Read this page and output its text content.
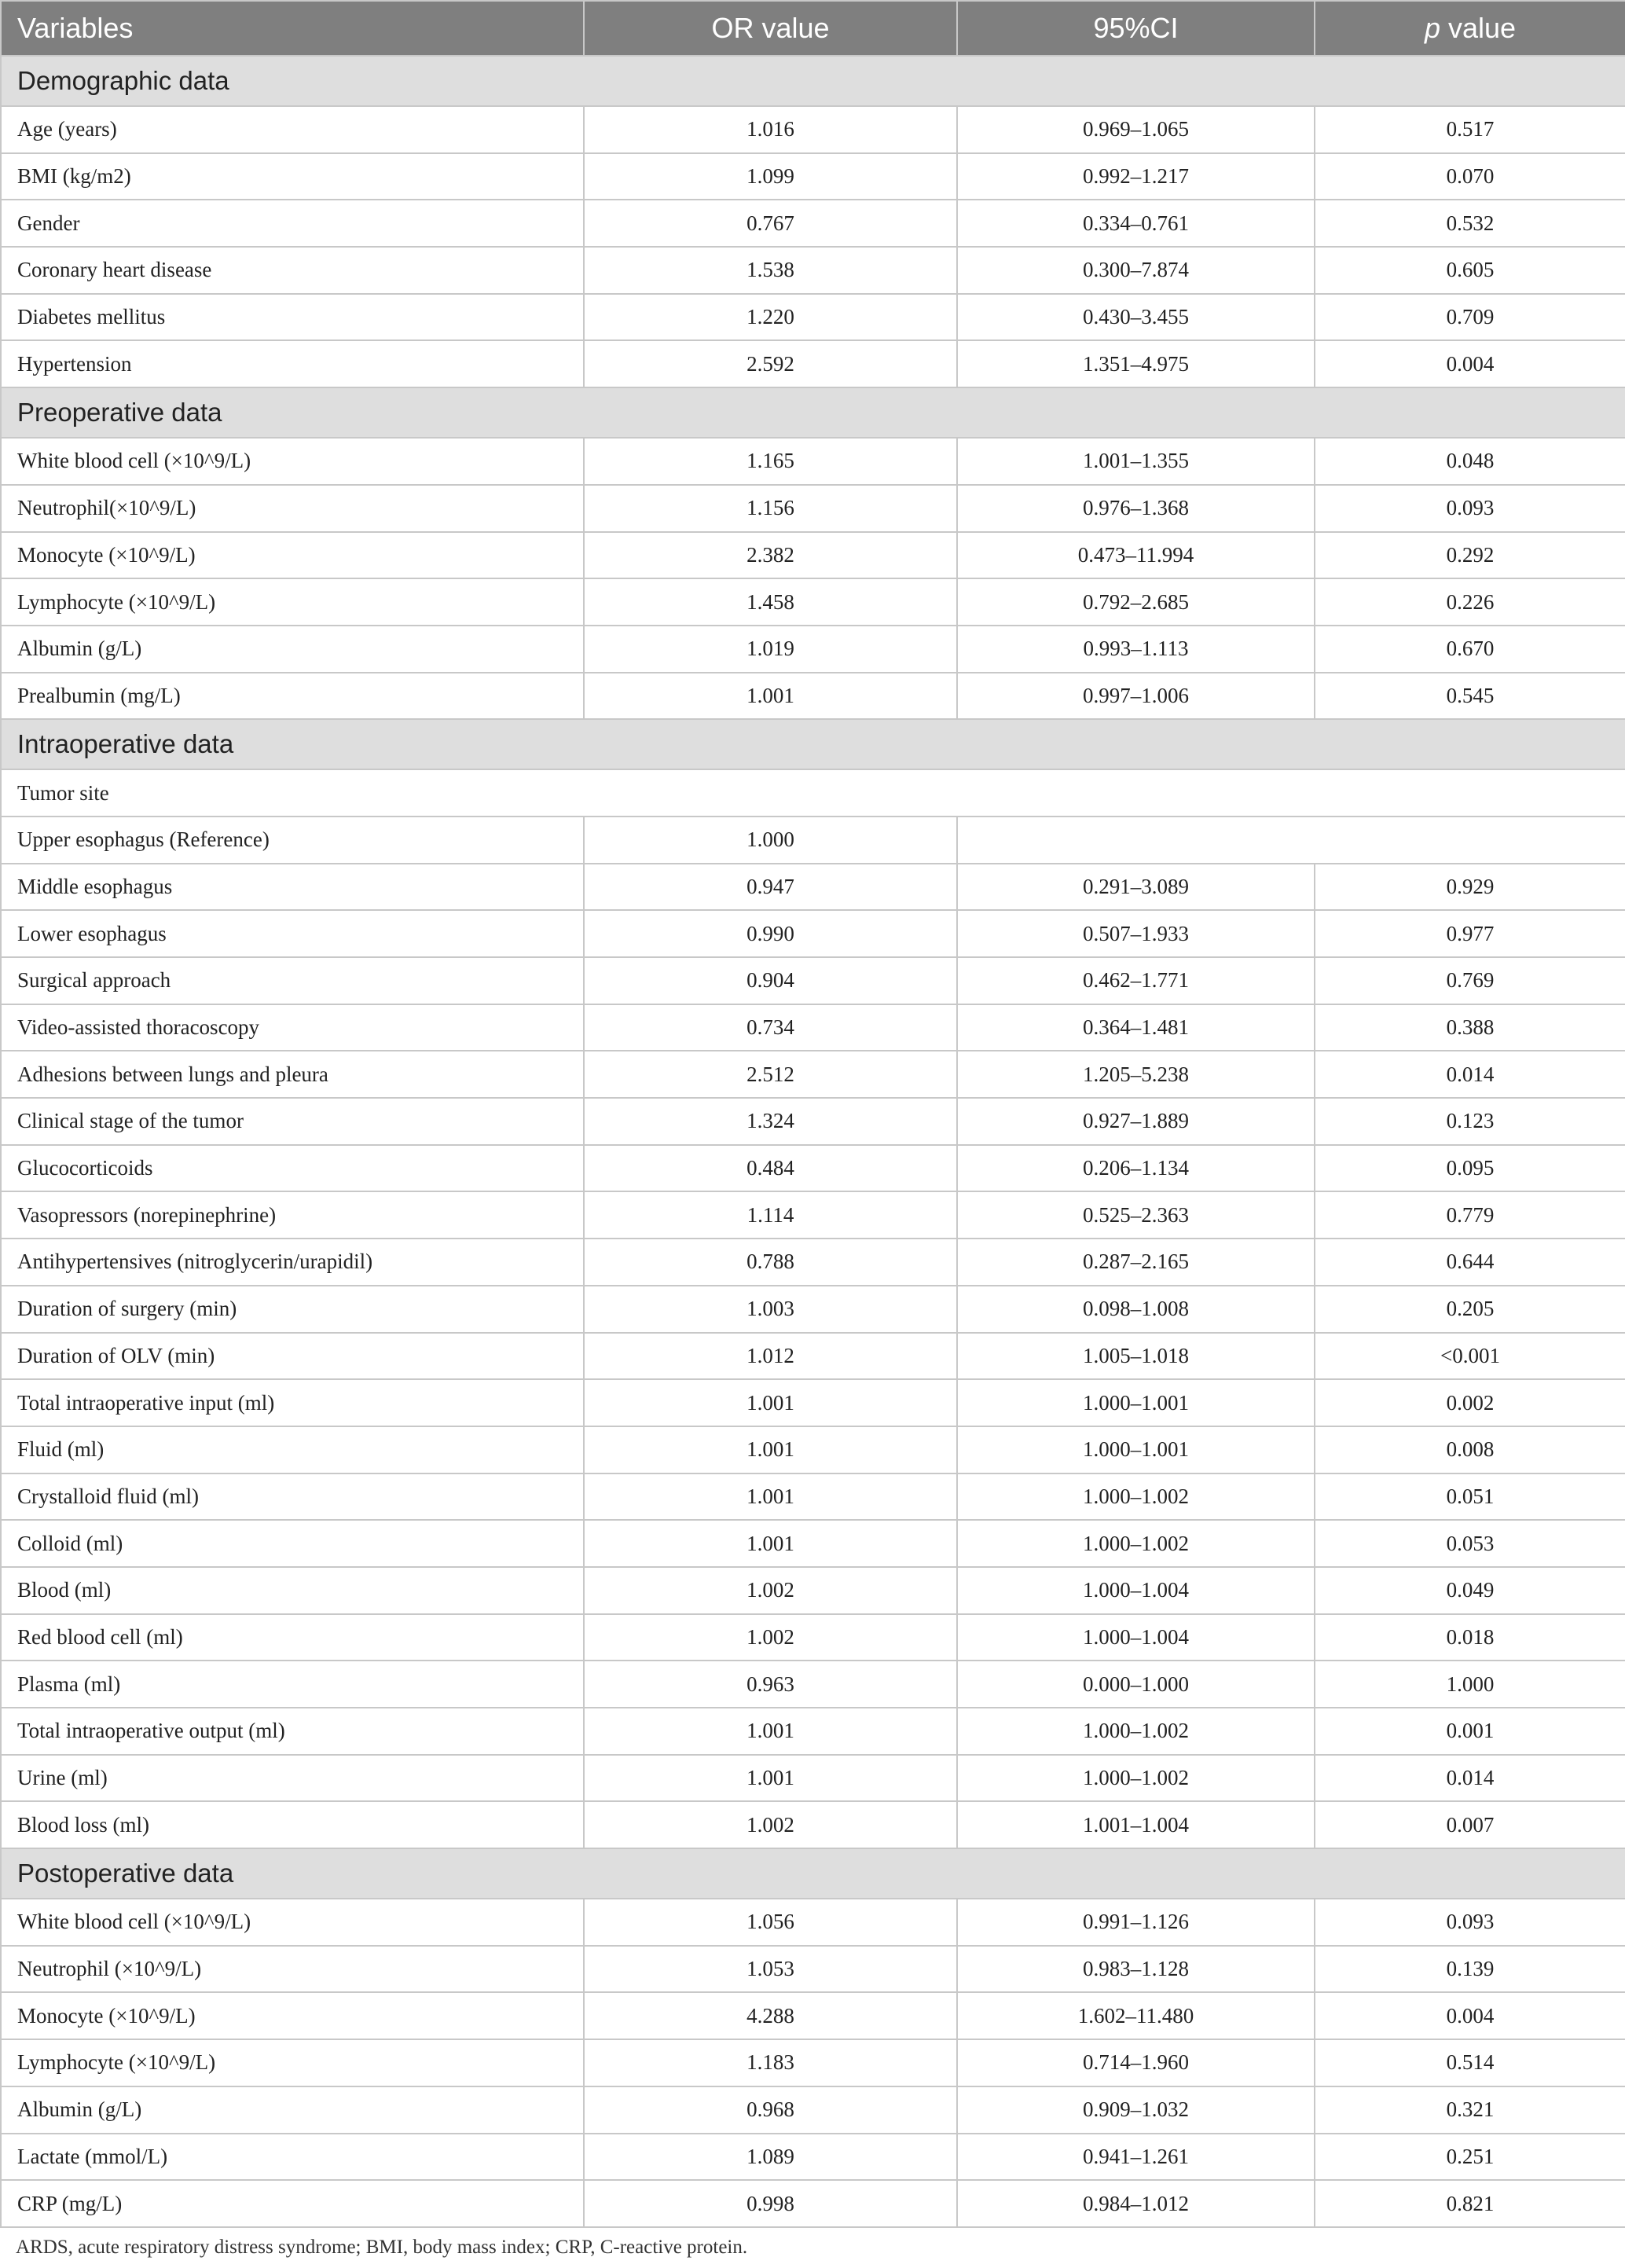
Variables	OR value	95%CI	p value
Demographic data			
Age (years)	1.016	0.969–1.065	0.517
BMI (kg/m2)	1.099	0.992–1.217	0.070
Gender	0.767	0.334–0.761	0.532
Coronary heart disease	1.538	0.300–7.874	0.605
Diabetes mellitus	1.220	0.430–3.455	0.709
Hypertension	2.592	1.351–4.975	0.004
Preoperative data			
White blood cell (×10^9/L)	1.165	1.001–1.355	0.048
Neutrophil(×10^9/L)	1.156	0.976–1.368	0.093
Monocyte (×10^9/L)	2.382	0.473–11.994	0.292
Lymphocyte (×10^9/L)	1.458	0.792–2.685	0.226
Albumin (g/L)	1.019	0.993–1.113	0.670
Prealbumin (mg/L)	1.001	0.997–1.006	0.545
Intraoperative data			
Tumor site			
Upper esophagus (Reference)	1.000		
Middle esophagus	0.947	0.291–3.089	0.929
Lower esophagus	0.990	0.507–1.933	0.977
Surgical approach	0.904	0.462–1.771	0.769
Video-assisted thoracoscopy	0.734	0.364–1.481	0.388
Adhesions between lungs and pleura	2.512	1.205–5.238	0.014
Clinical stage of the tumor	1.324	0.927–1.889	0.123
Glucocorticoids	0.484	0.206–1.134	0.095
Vasopressors (norepinephrine)	1.114	0.525–2.363	0.779
Antihypertensives (nitroglycerin/urapidil)	0.788	0.287–2.165	0.644
Duration of surgery (min)	1.003	0.098–1.008	0.205
Duration of OLV (min)	1.012	1.005–1.018	<0.001
Total intraoperative input (ml)	1.001	1.000–1.001	0.002
Fluid (ml)	1.001	1.000–1.001	0.008
Crystalloid fluid (ml)	1.001	1.000–1.002	0.051
Colloid (ml)	1.001	1.000–1.002	0.053
Blood (ml)	1.002	1.000–1.004	0.049
Red blood cell (ml)	1.002	1.000–1.004	0.018
Plasma (ml)	0.963	0.000–1.000	1.000
Total intraoperative output (ml)	1.001	1.000–1.002	0.001
Urine (ml)	1.001	1.000–1.002	0.014
Blood loss (ml)	1.002	1.001–1.004	0.007
Postoperative data			
White blood cell (×10^9/L)	1.056	0.991–1.126	0.093
Neutrophil (×10^9/L)	1.053	0.983–1.128	0.139
Monocyte (×10^9/L)	4.288	1.602–11.480	0.004
Lymphocyte (×10^9/L)	1.183	0.714–1.960	0.514
Albumin (g/L)	0.968	0.909–1.032	0.321
Lactate (mmol/L)	1.089	0.941–1.261	0.251
CRP (mg/L)	0.998	0.984–1.012	0.821
ARDS, acute respiratory distress syndrome; BMI, body mass index; CRP, C-reactive protein.
